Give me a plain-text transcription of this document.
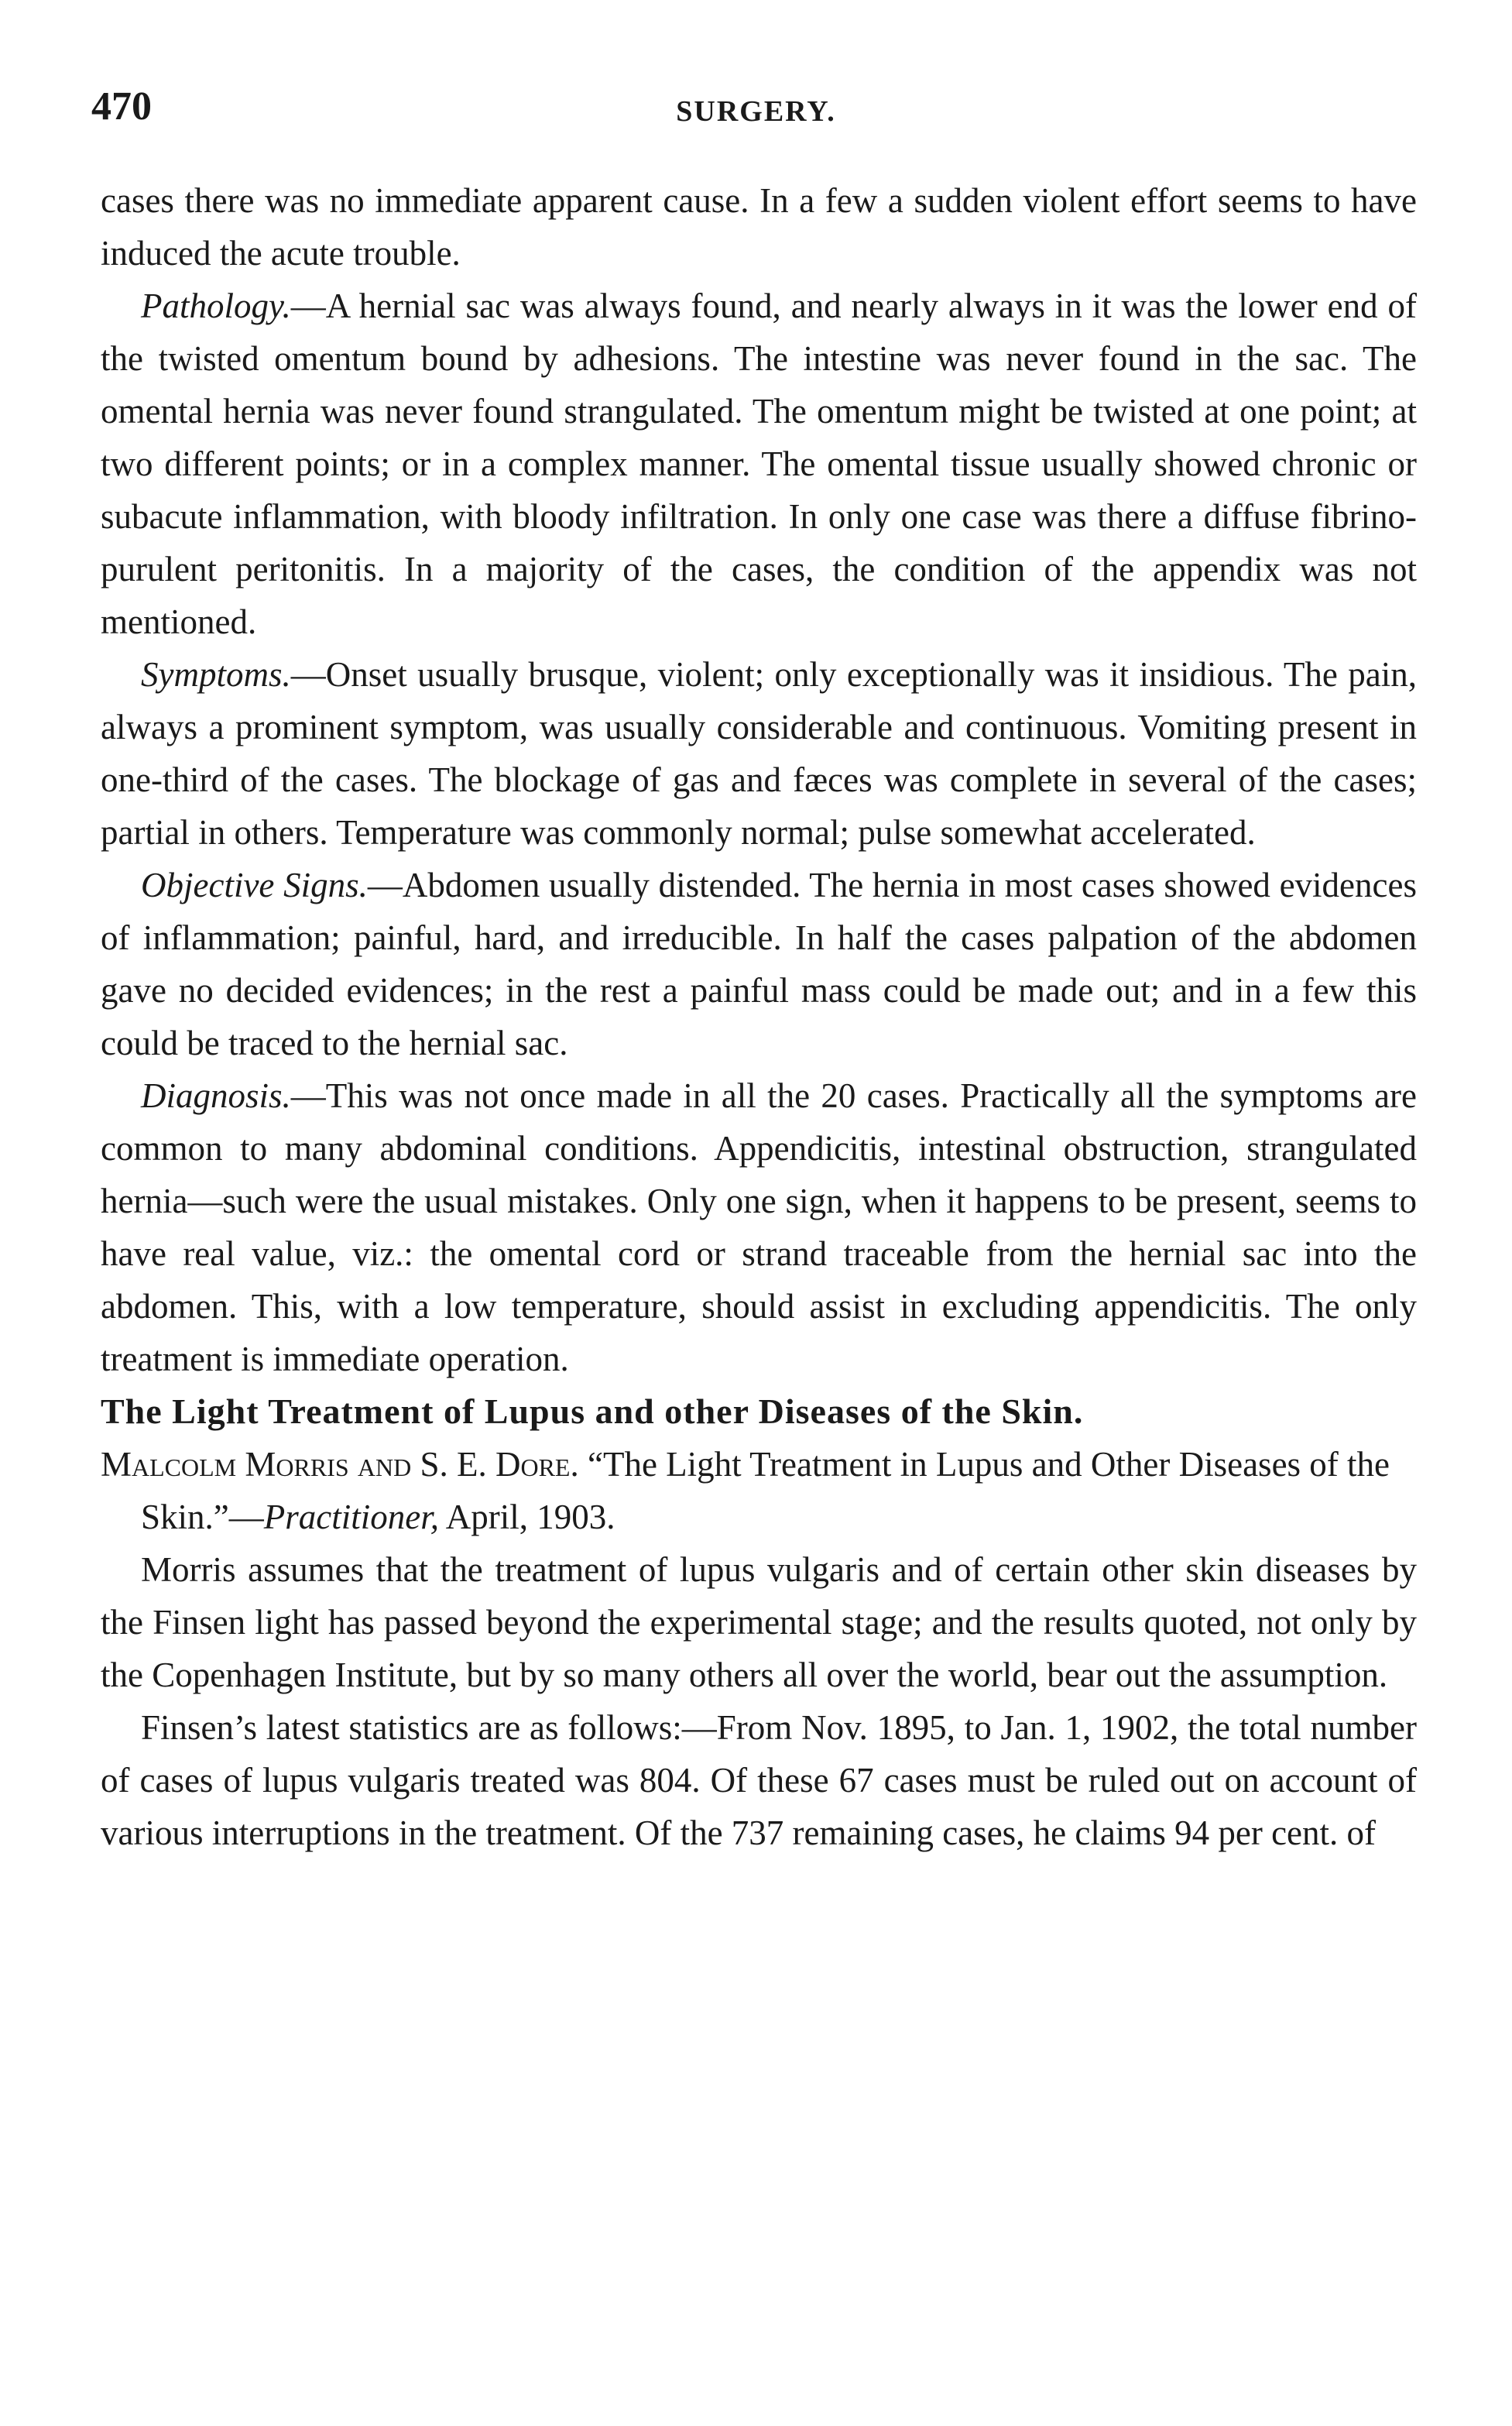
470	SURGERY.

cases there was no immediate apparent cause. In a few a sudden violent effort seems to have induced the acute trouble.

Pathology.—A hernial sac was always found, and nearly always in it was the lower end of the twisted omentum bound by adhesions. The intestine was never found in the sac. The omental hernia was never found strangulated. The omentum might be twisted at one point; at two different points; or in a complex manner. The omental tissue usually showed chronic or subacute inflammation, with bloody infiltration. In only one case was there a diffuse fibrino-purulent peritonitis. In a majority of the cases, the condition of the appendix was not mentioned.

Symptoms.—Onset usually brusque, violent; only exceptionally was it insidious. The pain, always a prominent symptom, was usually considerable and continuous. Vomiting present in one-third of the cases. The blockage of gas and fæces was complete in several of the cases; partial in others. Temperature was commonly normal; pulse somewhat accelerated.

Objective Signs.—Abdomen usually distended. The hernia in most cases showed evidences of inflammation; painful, hard, and irreducible. In half the cases palpation of the abdomen gave no decided evidences; in the rest a painful mass could be made out; and in a few this could be traced to the hernial sac.

Diagnosis.—This was not once made in all the 20 cases. Practically all the symptoms are common to many abdominal conditions. Appendicitis, intestinal obstruction, strangulated hernia—such were the usual mistakes. Only one sign, when it happens to be present, seems to have real value, viz.: the omental cord or strand traceable from the hernial sac into the abdomen. This, with a low temperature, should assist in excluding appendicitis. The only treatment is immediate operation.

The Light Treatment of Lupus and other Diseases of the Skin.

Malcolm Morris and S. E. Dore. “The Light Treatment in Lupus and Other Diseases of the Skin.”—Practitioner, April, 1903.

Morris assumes that the treatment of lupus vulgaris and of certain other skin diseases by the Finsen light has passed beyond the experimental stage; and the results quoted, not only by the Copenhagen Institute, but by so many others all over the world, bear out the assumption.

Finsen’s latest statistics are as follows:—From Nov. 1895, to Jan. 1, 1902, the total number of cases of lupus vulgaris treated was 804. Of these 67 cases must be ruled out on account of various interruptions in the treatment. Of the 737 remaining cases, he claims 94 per cent. of
